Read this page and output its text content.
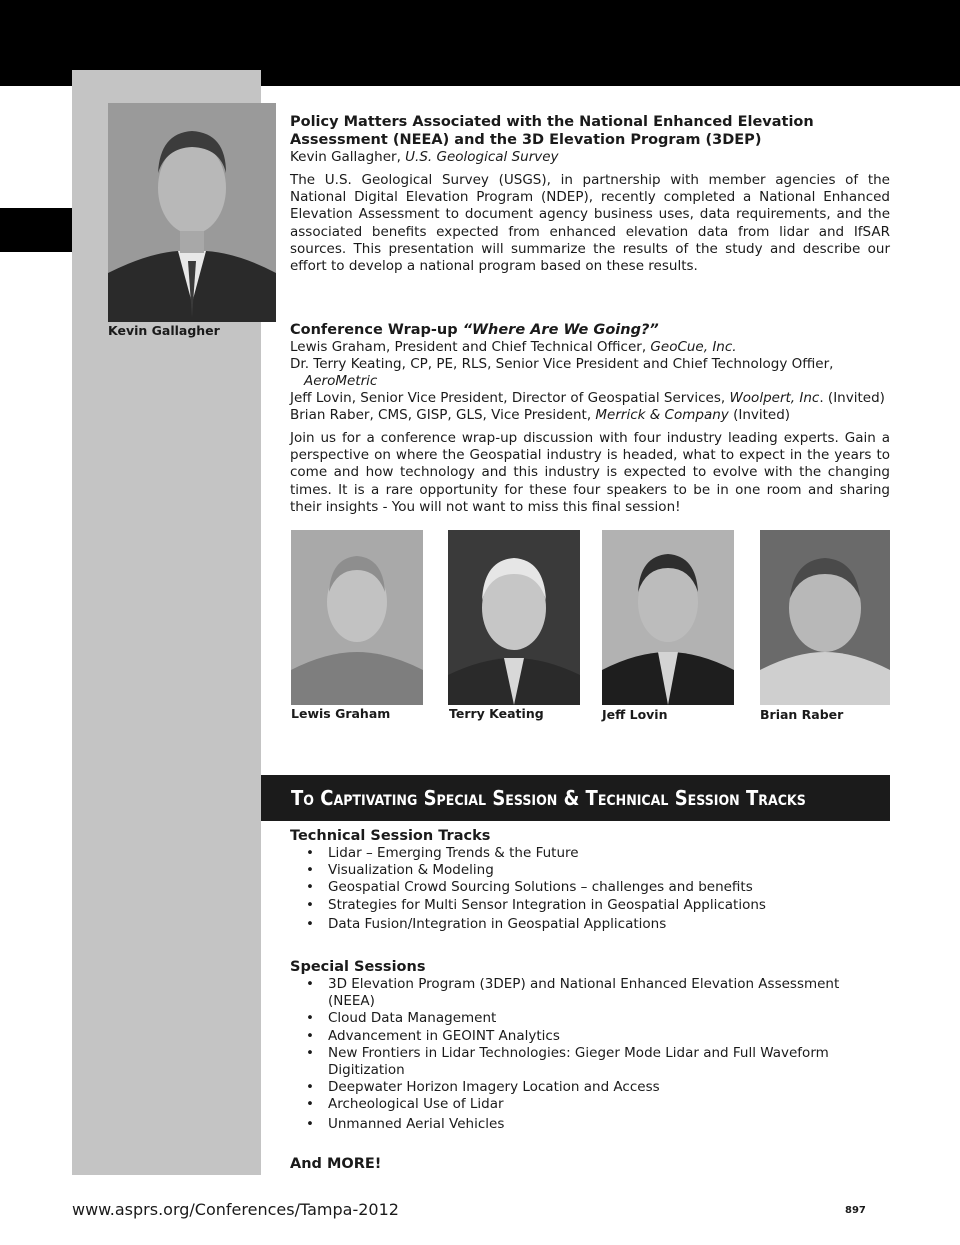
Kevin Gallagher

Policy Matters Associated with the National Enhanced Elevation Assessment (NEEA) and the 3D Elevation Program (3DEP)

Kevin Gallagher, U.S. Geological Survey

The U.S. Geological Survey (USGS), in partnership with member agencies of the National Digital Elevation Program (NDEP), recently completed a National Enhanced Elevation Assessment to document agency business uses, data requirements, and the associated benefits expected from enhanced elevation data from lidar and IfSAR sources. This presentation will summarize the results of the study and describe our effort to develop a national program based on these results.

Conference Wrap-up “Where Are We Going?”

Lewis Graham, President and Chief Technical Officer, GeoCue, Inc.

Dr. Terry Keating, CP, PE, RLS, Senior Vice President and Chief Technology Offier,

AeroMetric

Jeff Lovin, Senior Vice President, Director of Geospatial Services, Woolpert, Inc. (Invited)

Brian Raber, CMS, GISP, GLS, Vice President, Merrick & Company (Invited)

Join us for a conference wrap-up discussion with four industry leading experts. Gain a perspective on where the Geospatial industry is headed, what to expect in the years to come and how technology and this industry is expected to evolve with the changing times. It is a rare opportunity for these four speakers to be in one room and sharing their insights - You will not want to miss this final session!

Lewis Graham	Terry Keating	Jeff Lovin	Brian Raber
To Captivating Special Session & Technical Session Tracks

Technical Session Tracks

• Lidar – Emerging Trends & the Future
• Visualization & Modeling
• Geospatial Crowd Sourcing Solutions – challenges and benefits
• Strategies for Multi Sensor Integration in Geospatial Applications
• Data Fusion/Integration in Geospatial Applications

Special Sessions

• 3D Elevation Program (3DEP) and National Enhanced Elevation Assessment (NEEA)
• Cloud Data Management
• Advancement in GEOINT Analytics
• New Frontiers in Lidar Technologies: Gieger Mode Lidar and Full Waveform Digitization
• Deepwater Horizon Imagery Location and Access
• Archeological Use of Lidar
• Unmanned Aerial Vehicles

And MORE!

www.asprs.org/Conferences/Tampa-2012	897
